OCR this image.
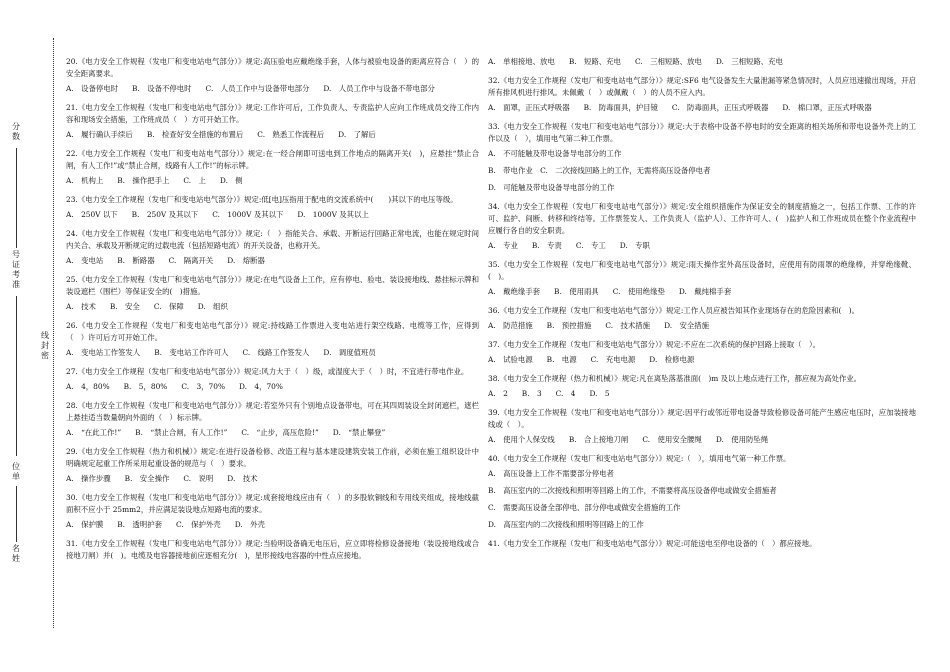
分数
号证考准
位单
名姓
线封密
20.《电力安全工作规程（发电厂和变电站电气部分）》规定:高压验电应戴绝缘手套，人体与被验电设备的距离应符合（　）的安全距离要求。
A.　设备停电时 B.　设备不停电时 C.　人员工作中与设备带电部分 D.　人员工作中与设备不带电部分
21.《电力安全工作规程（发电厂和变电站电气部分）》规定:工作许可后，工作负责人、专责监护人应向工作班成员交待工作内容和现场安全措施，工作班成员（　）方可开始工作。
A.　履行确认手续后 B.　检查好安全措施的布置后 C.　熟悉工作流程后 D.　了解后
22.《电力安全工作规程（发电厂和变电站电气部分）》规定:在一经合闸即可送电到工作地点的隔离开关(　)，应悬挂“禁止合闸，有人工作!”或“禁止合闸，线路有人工作!”的标示牌。
A.　机构上 B.　操作把手上 C.　上 D.　侧
23.《电力安全工作规程（发电厂和变电站电气部分）》规定:低[电]压指用于配电的交流系统中(　　)其以下的电压等级。
A.　250V 以下 B.　250V 及其以下 C.　1000V 及其以下 D.　1000V 及其以上
24.《电力安全工作规程（发电厂和变电站电气部分）》规定:（　）指能关合、承载、开断运行回路正常电流，也能在规定时间内关合、承载及开断规定的过载电流（包括短路电流）的开关设备，也称开关。
A.　变电站 B.　断路器 C.　隔离开关 D.　熔断器
25.《电力安全工作规程（发电厂和变电站电气部分）》规定:在电气设备上工作，应有停电、验电、装设接地线、悬挂标示牌和装设遮栏（围栏）等保证安全的(　)措施。
A.　技术 B.　安全 C.　保障 D.　组织
26.《电力安全工作规程（发电厂和变电站电气部分）》规定:持线路工作票进入变电站进行架空线路、电缆等工作，应得到（　）许可后方可开始工作。
A.　变电站工作签发人 B.　变电站工作许可人 C.　线路工作签发人 D.　调度值班员
27.《电力安全工作规程（发电厂和变电站电气部分）》规定:风力大于（　）级，或湿度大于（　）时，不宜进行带电作业。
A.　4，80% B.　5，80% C.　3，70% D.　4，70%
28.《电力安全工作规程（发电厂和变电站电气部分）》规定:若室外只有个别地点设备带电，可在其四周装设全封闭遮栏，遮栏上悬挂适当数量朝向外面的（　）标示牌。
A.　“在此工作!” B.　“禁止合闸，有人工作!” C.　“止步，高压危险!” D.　“禁止攀登”
29.《电力安全工作规程（热力和机械）》规定:在进行设备检修、改造工程与基本建设建筑安装工作前，必须在施工组织设计中明确规定起重工作所采用起重设备的规范与（　）要求。
A.　操作步骤 B.　安全操作 C.　说明 D.　技术
30.《电力安全工作规程（发电厂和变电站电气部分）》规定:成套接地线应由有（　）的多股软铜线和专用线夹组成，接地线截面积不应小于 25mm2，并应满足装设地点短路电流的要求。
A.　保护膜 B.　透明护套 C.　保护外壳 D.　外壳
31.《电力安全工作规程（发电厂和变电站电气部分）》规定:当验明设备确无电压后，应立即将检修设备接地（装设接地线或合接地刀闸）并(　)。电缆及电容器接地前应逐相充分(　)，星形接线电容器的中性点应接地。
A.　单相接地、放电 B.　短路、充电 C.　三相短路、放电 D.　三相短路、充电
32.《电力安全工作规程（发电厂和变电站电气部分）》规定:SF6 电气设备发生大量泄漏等紧急情况时，人员应迅速撤出现场，开启所有排风机进行排风。未佩戴（　）或佩戴（　）的人员不应入内。
A.　面罩，正压式呼吸器 B.　防毒面具，护目镜 C.　防毒面具，正压式呼吸器 D.　棉口罩，正压式呼吸器
33.《电力安全工作规程（发电厂和变电站电气部分）》规定:大于表格中设备不停电时的安全距离的相关场所和带电设备外壳上的工作以及（　），填用电气第二种工作票。
A.　不可能触及带电设备导电部分的工作
B.　带电作业　C.　二次接线回路上的工作，无需将高压设备停电者
D.　可能触及带电设备导电部分的工作
34.《电力安全工作规程（发电厂和变电站电气部分）》规定:安全组织措施作为保证安全的制度措施之一，包括工作票、工作的许可、监护、间断、转移和终结等。工作票签发人、工作负责人（监护人）、工作许可人、(　)监护人和工作班成员在整个作业流程中应履行各自的安全职责。
A.　专业 B.　专责 C.　专工 D.　专职
35.《电力安全工作规程（发电厂和变电站电气部分）》规定:雨天操作室外高压设备时，应使用有防雨罩的绝缘棒，并穿绝缘靴、(　)。
A.　戴绝缘手套 B.　使用雨具 C.　使用绝缘垫 D.　戴纯棉手套
36.《电力安全工作规程（发电厂和变电站电气部分）》规定:工作人员应被告知其作业现场存在的危险因素和(　)。
A.　防范措施 B.　预控措施 C.　技术措施 D.　安全措施
37.《电力安全工作规程（发电厂和变电站电气部分）》规定:不应在二次系统的保护回路上接取（　）。
A.　试验电源 B.　电源 C.　充电电源 D.　检修电源
38.《电力安全工作规程（热力和机械）》规定:凡在离坠落基准面(　)m 及以上地点进行工作，都应视为高处作业。
A.　2 B.　3 C.　4 D.　5
39.《电力安全工作规程（发电厂和变电站电气部分）》规定:因平行或邻近带电设备导致检修设备可能产生感应电压时，应加装接地线或（　）。
A.　使用个人保安线 B.　合上接地刀闸 C.　使用安全腰绳 D.　使用防坠绳
40.《电力安全工作规程（发电厂和变电站电气部分）》规定:（　），填用电气第一种工作票。
A.　高压设备上工作不需要部分停电者
B.　高压室内的二次接线和照明等回路上的工作，不需要将高压设备停电或做安全措施者
C.　需要高压设备全部停电、部分停电或做安全措施的工作
D.　高压室内的二次接线和照明等回路上的工作
41.《电力安全工作规程（发电厂和变电站电气部分）》规定:可能送电至停电设备的（　）都应接地。
